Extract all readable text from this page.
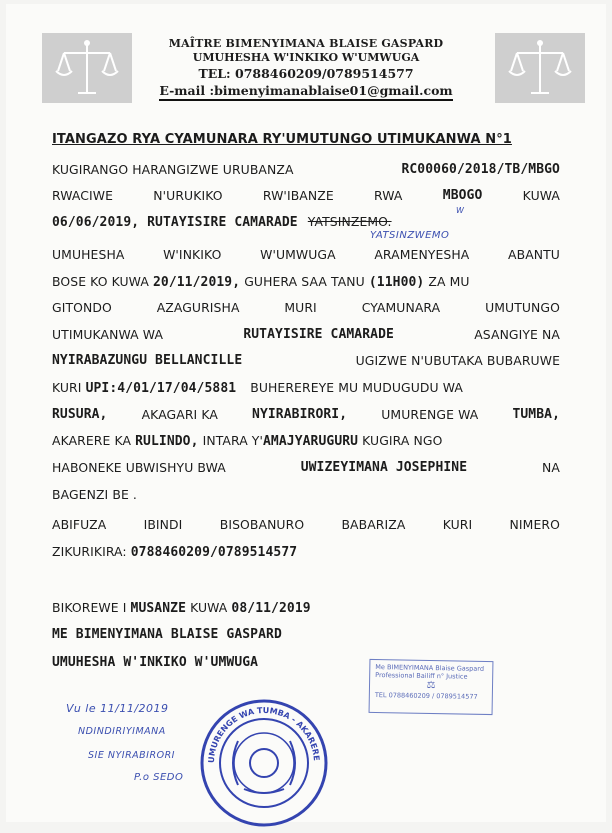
MAÎTRE BIMENYIMANA BLAISE GASPARD
UMUHESHA W'INKIKO W'UMWUGA
TEL: 0788460209/0789514577
E-mail :bimenyimanablaise01@gmail.com
ITANGAZO RYA CYAMUNARA RY'UMUTUNGO UTIMUKANWA N°1
KUGIRANGO HARANGIZWE URUBANZA	RC00060/2018/TB/MBGO
RWACIWE	N'URUKIKO	RW'IBANZE	RWA	MBOGO	KUWA
06/06/2019, RUTAYISIRE CAMARADE YATSINZEMO.
W
YATSINZWEMO
UMUHESHA	W'INKIKO	W'UMWUGA	ARAMENYESHA	ABANTU
BOSE KO KUWA 20/11/2019, GUHERA SAA TANU (11H00) ZA MU
GITONDO	AZAGURISHA	MURI	CYAMUNARA	UMUTUNGO
UTIMUKANWA WA	RUTAYISIRE CAMARADE	ASANGIYE NA
NYIRABAZUNGU BELLANCILLE	UGIZWE N'UBUTAKA BUBARUWE
KURI UPI:4/01/17/04/5881 BUHEREREYE MU MUDUGUDU WA
RUSURA,	AKAGARI KA	NYIRABIRORI,	UMURENGE WA	TUMBA,
AKARERE KA RULINDO, INTARA Y'AMAJYARUGURU KUGIRA NGO
HABONEKE UBWISHYU BWA	UWIZEYIMANA JOSEPHINE	NA
BAGENZI BE .
ABIFUZA	IBINDI	BISOBANURO	BABARIZA	KURI	NIMERO
ZIKURIKIRA: 0788460209/0789514577
BIKOREWE I MUSANZE KUWA 08/11/2019
ME BIMENYIMANA BLAISE GASPARD
UMUHESHA W'INKIKO W'UMWUGA	Me BIMENYIMANA Blaise Gaspard
Professional Bailiff n° Justice
⚖
TEL 0788460209 / 0789514577
UMURENGE WA TUMBA - AKARERE
Vu le 11/11/2019
NDINDIRIYIMANA
SIE NYIRABIRORI
P.o SEDO
